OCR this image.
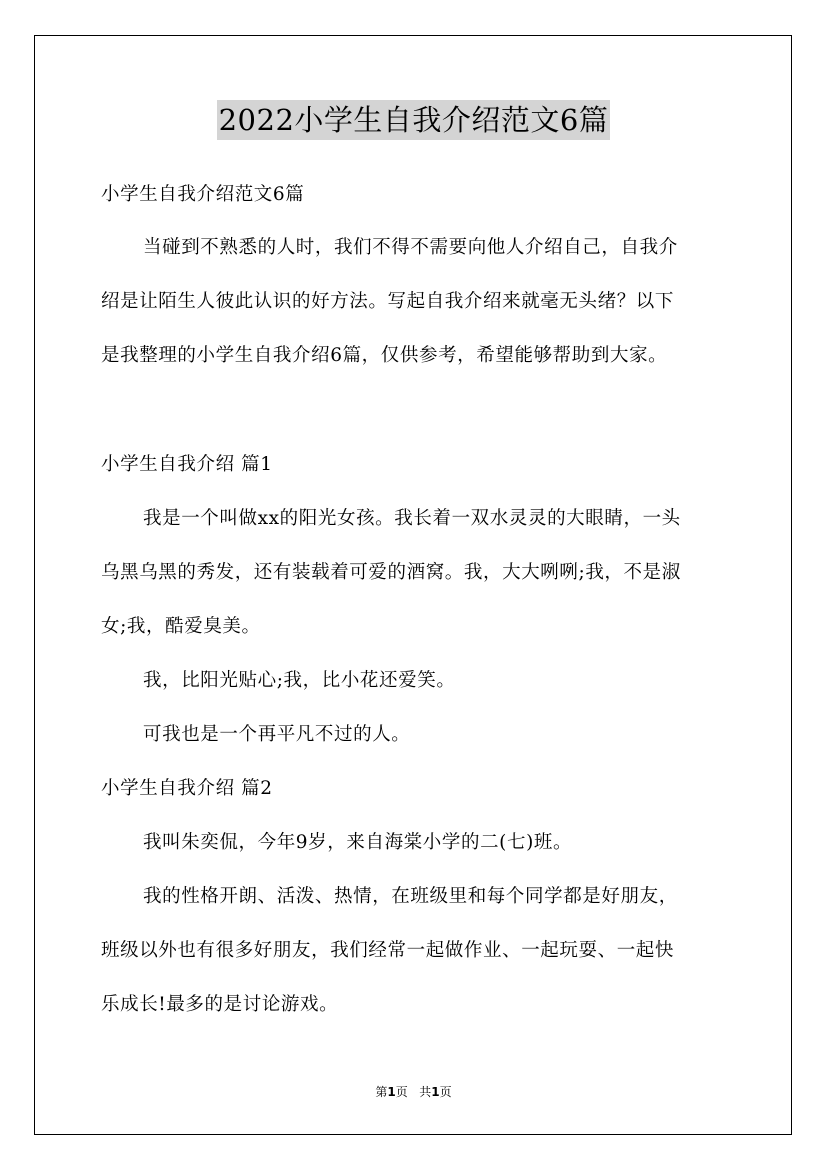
2022小学生自我介绍范文6篇
小学生自我介绍范文6篇
当碰到不熟悉的人时，我们不得不需要向他人介绍自己，自我介
绍是让陌生人彼此认识的好方法。写起自我介绍来就毫无头绪？以下
是我整理的小学生自我介绍6篇，仅供参考，希望能够帮助到大家。
小学生自我介绍 篇1
我是一个叫做xx的阳光女孩。我长着一双水灵灵的大眼睛，一头
乌黑乌黑的秀发，还有装载着可爱的酒窝。我，大大咧咧;我，不是淑
女;我，酷爱臭美。
我，比阳光贴心;我，比小花还爱笑。
可我也是一个再平凡不过的人。
小学生自我介绍 篇2
我叫朱奕侃，今年9岁，来自海棠小学的二(七)班。
我的性格开朗、活泼、热情，在班级里和每个同学都是好朋友，
班级以外也有很多好朋友，我们经常一起做作业、一起玩耍、一起快
乐成长!最多的是讨论游戏。
第1页 共1页
